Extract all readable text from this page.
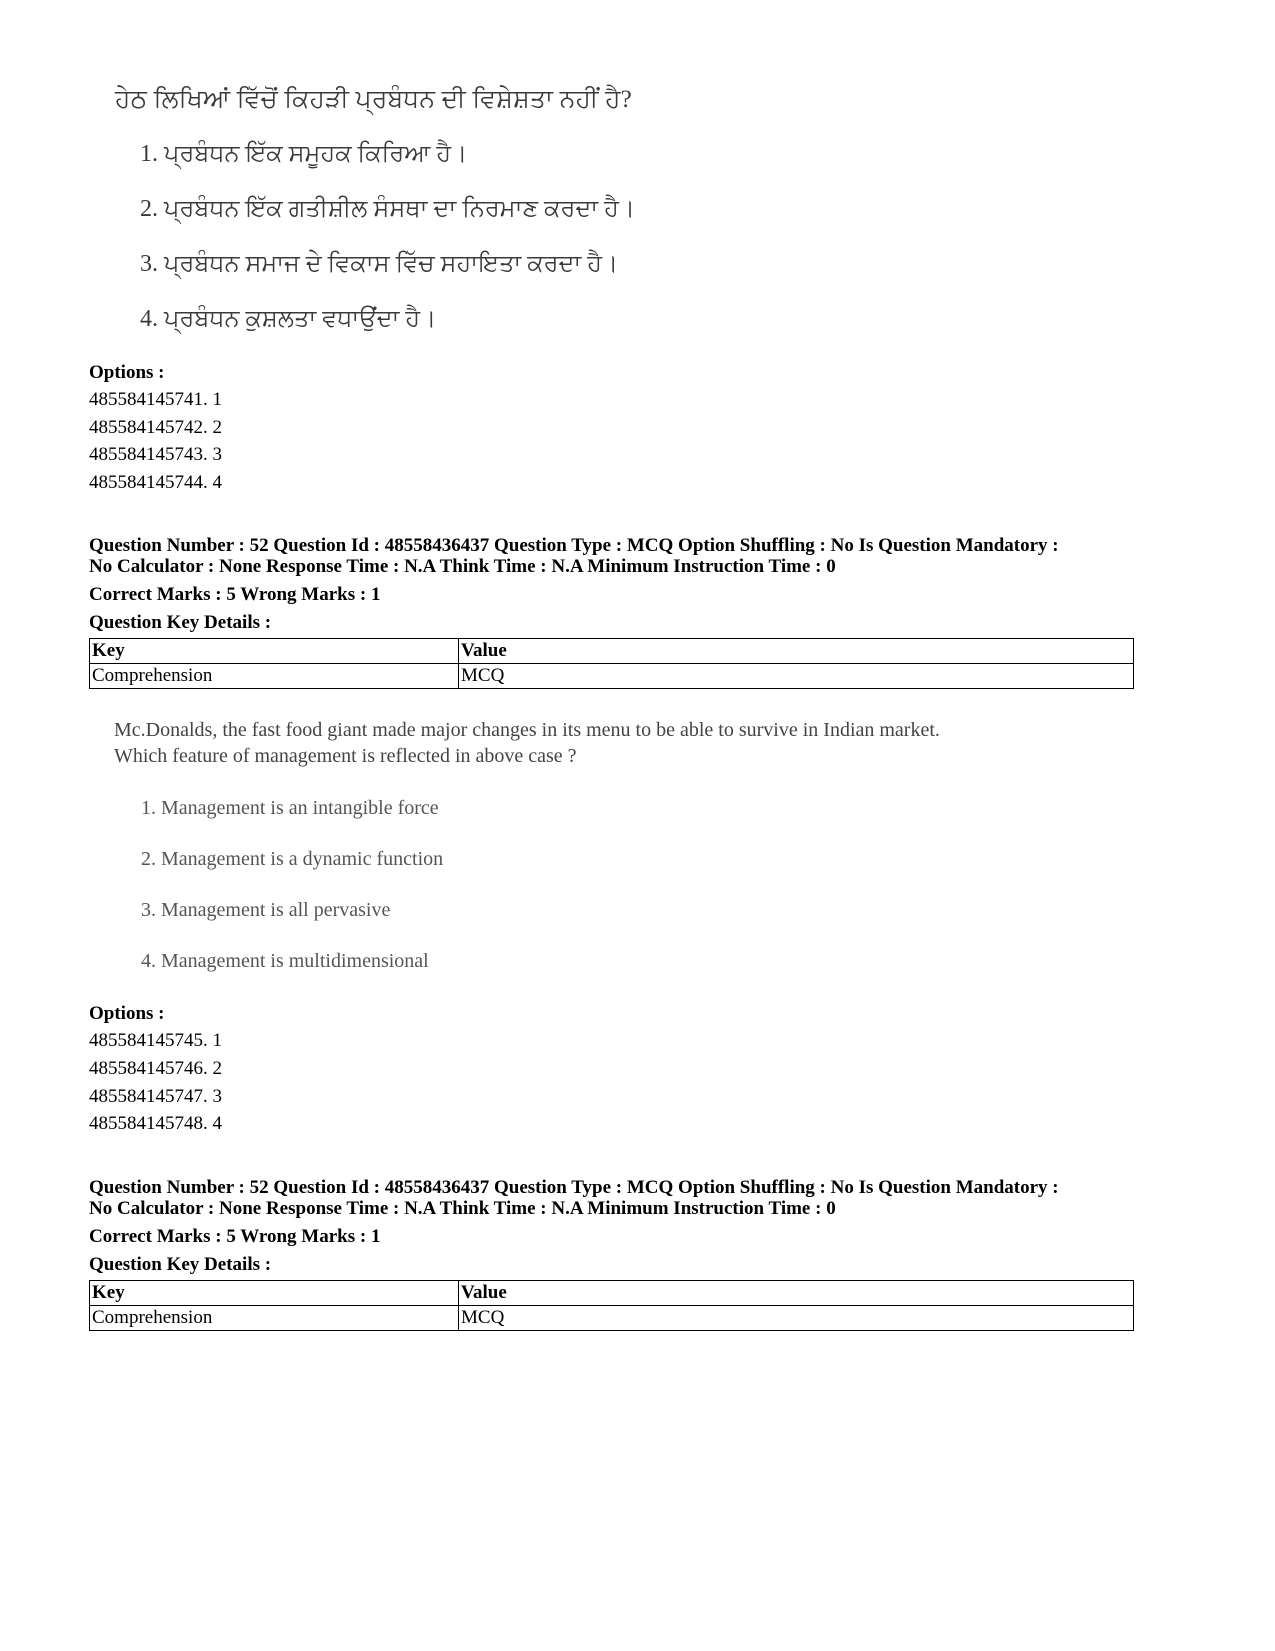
ਹੇਠ ਲਿਖਿਆਂ ਵਿੱਚੋਂ ਕਿਹੜੀ ਪ੍ਰਬੰਧਨ ਦੀ ਵਿਸ਼ੇਸ਼ਤਾ ਨਹੀਂ ਹੈ?
1. ਪ੍ਰਬੰਧਨ ਇੱਕ ਸਮੂਹਕ ਕਿਰਿਆ ਹੈ।
2. ਪ੍ਰਬੰਧਨ ਇੱਕ ਗਤੀਸ਼ੀਲ ਸੰਸਥਾ ਦਾ ਨਿਰਮਾਣ ਕਰਦਾ ਹੈ।
3. ਪ੍ਰਬੰਧਨ ਸਮਾਜ ਦੇ ਵਿਕਾਸ ਵਿੱਚ ਸਹਾਇਤਾ ਕਰਦਾ ਹੈ।
4. ਪ੍ਰਬੰਧਨ ਕੁਸ਼ਲਤਾ ਵਧਾਉਂਦਾ ਹੈ।
Options :
485584145741. 1
485584145742. 2
485584145743. 3
485584145744. 4
Question Number : 52 Question Id : 48558436437 Question Type : MCQ Option Shuffling : No Is Question Mandatory :
No Calculator : None Response Time : N.A Think Time : N.A Minimum Instruction Time : 0
Correct Marks : 5 Wrong Marks : 1
Question Key Details :
Key	Value
Comprehension	MCQ
Mc.Donalds, the fast food giant made major changes in its menu to be able to survive in Indian market.
Which feature of management is reflected in above case ?
1. Management is an intangible force
2. Management is a dynamic function
3. Management is all pervasive
4. Management is multidimensional
Options :
485584145745. 1
485584145746. 2
485584145747. 3
485584145748. 4
Question Number : 52 Question Id : 48558436437 Question Type : MCQ Option Shuffling : No Is Question Mandatory :
No Calculator : None Response Time : N.A Think Time : N.A Minimum Instruction Time : 0
Correct Marks : 5 Wrong Marks : 1
Question Key Details :
Key	Value
Comprehension	MCQ
